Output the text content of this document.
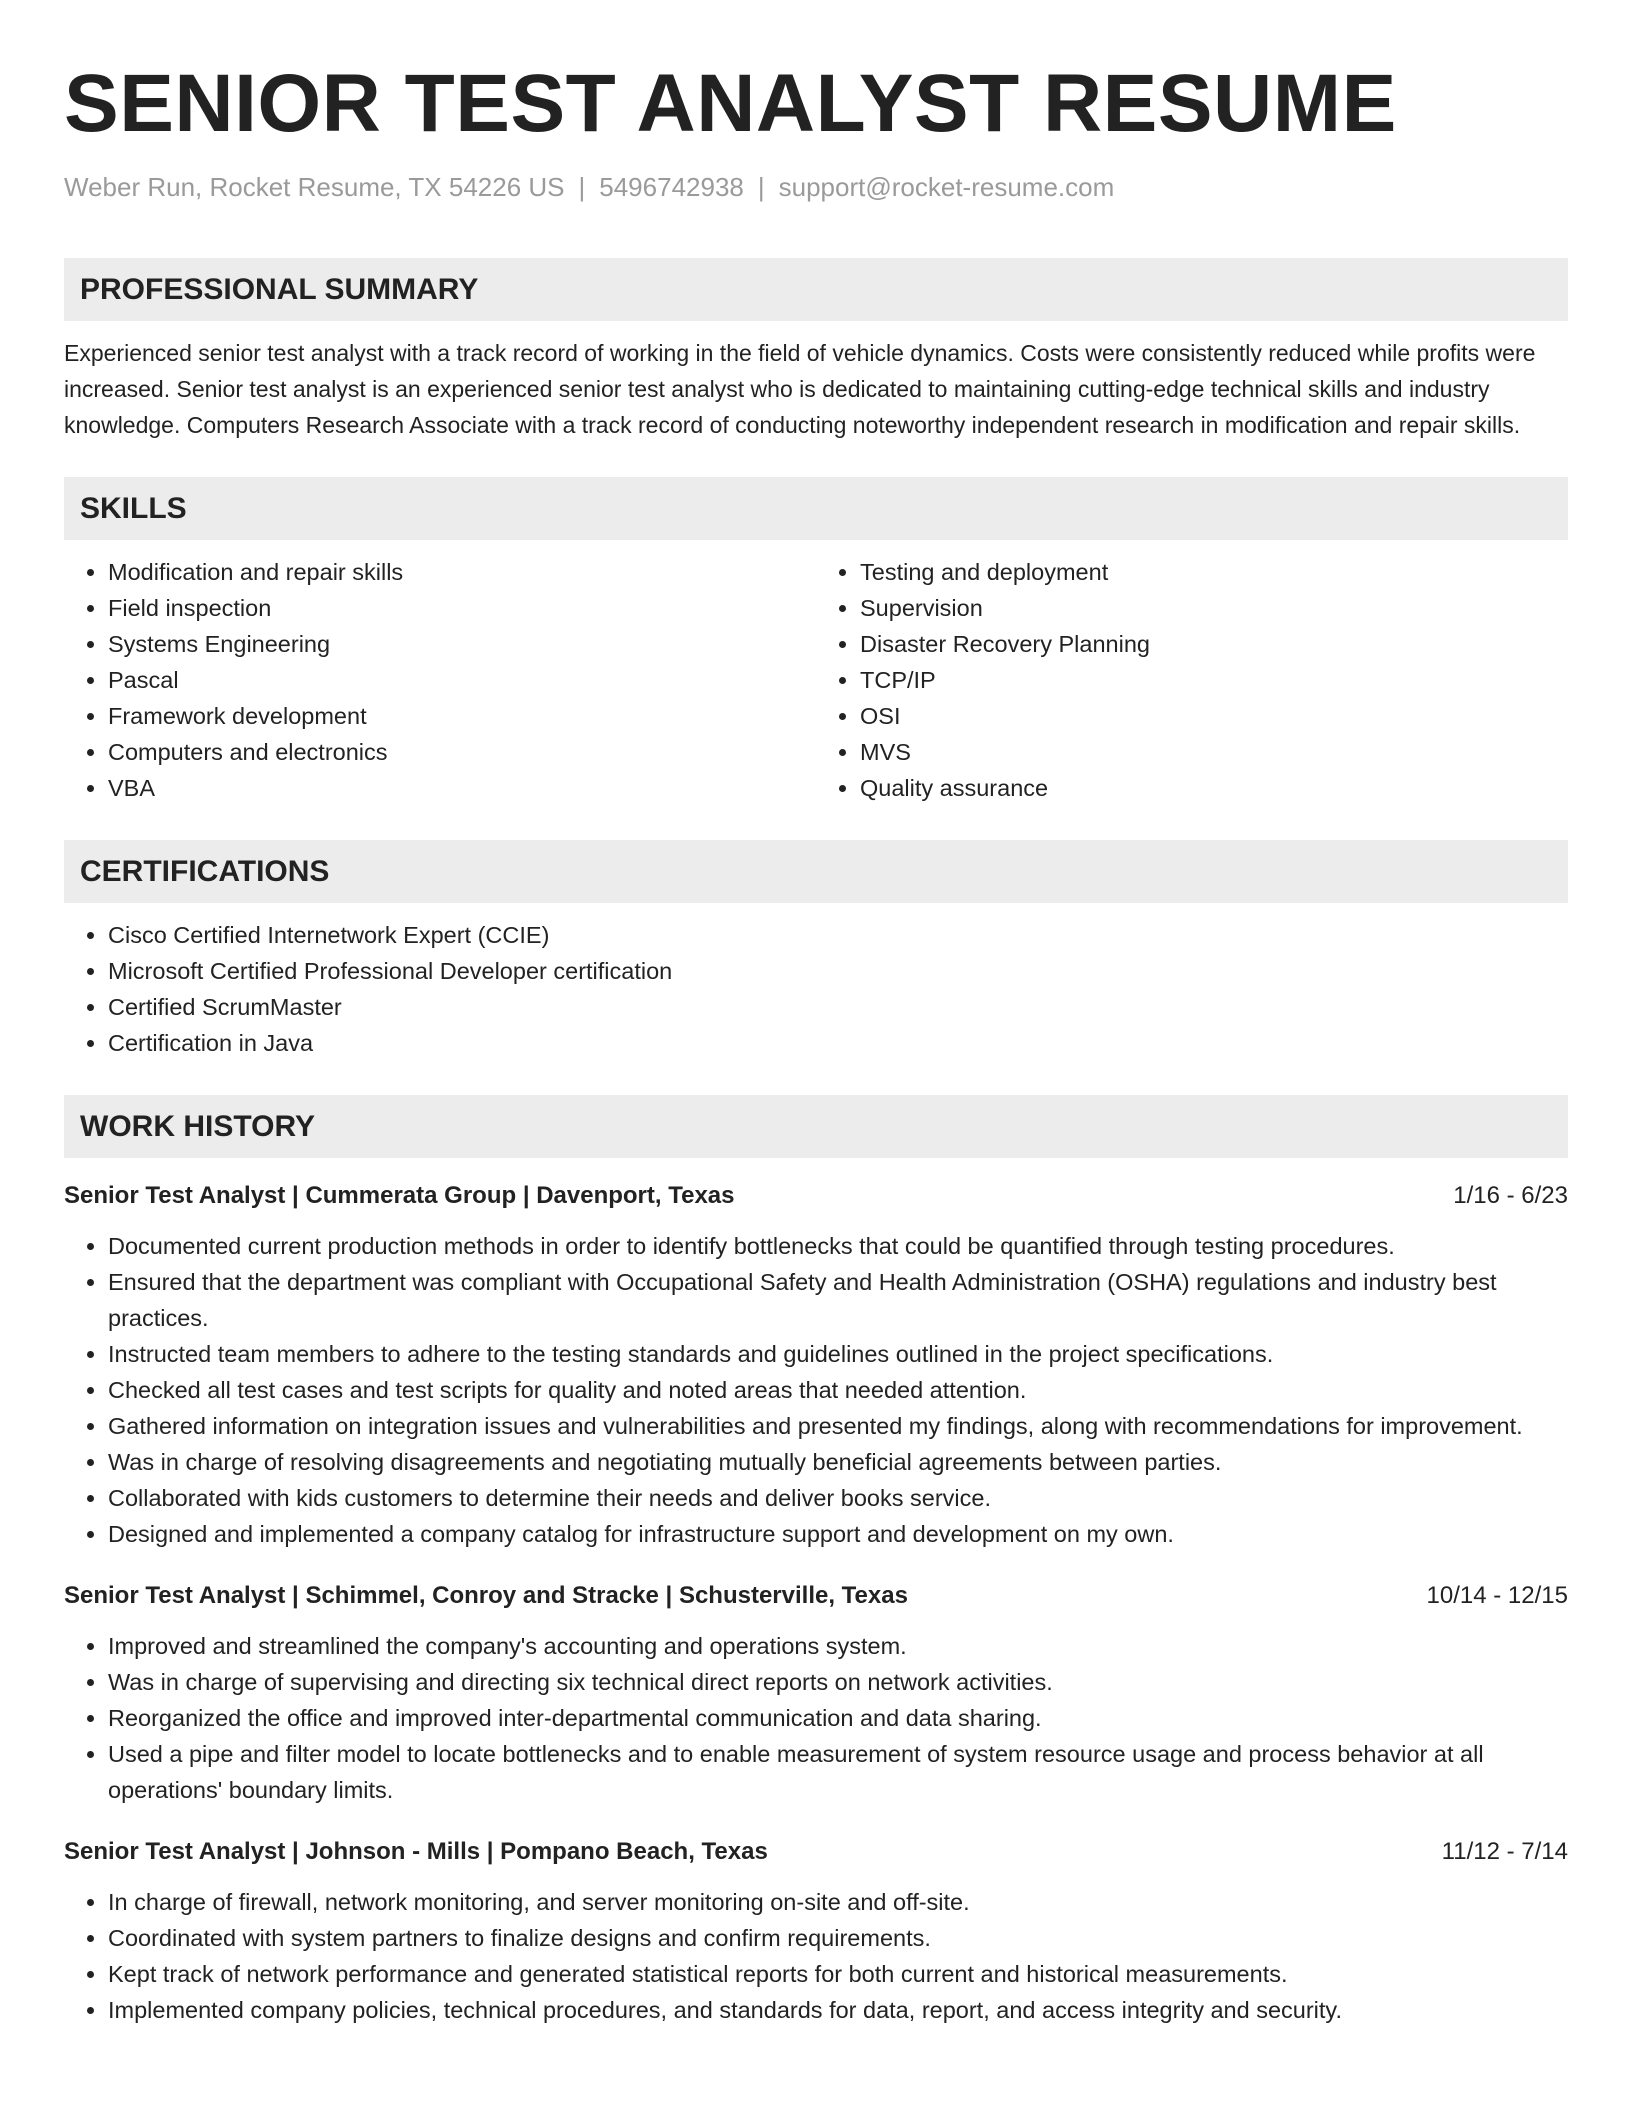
SENIOR TEST ANALYST RESUME
Weber Run, Rocket Resume, TX 54226 US | 5496742938 | support@rocket-resume.com
PROFESSIONAL SUMMARY
Experienced senior test analyst with a track record of working in the field of vehicle dynamics. Costs were consistently reduced while profits were increased. Senior test analyst is an experienced senior test analyst who is dedicated to maintaining cutting-edge technical skills and industry knowledge. Computers Research Associate with a track record of conducting noteworthy independent research in modification and repair skills.
SKILLS
• Modification and repair skills
• Field inspection
• Systems Engineering
• Pascal
• Framework development
• Computers and electronics
• VBA
• Testing and deployment
• Supervision
• Disaster Recovery Planning
• TCP/IP
• OSI
• MVS
• Quality assurance
CERTIFICATIONS
• Cisco Certified Internetwork Expert (CCIE)
• Microsoft Certified Professional Developer certification
• Certified ScrumMaster
• Certification in Java
WORK HISTORY
Senior Test Analyst | Cummerata Group | Davenport, Texas	1/16 - 6/23
• Documented current production methods in order to identify bottlenecks that could be quantified through testing procedures.
• Ensured that the department was compliant with Occupational Safety and Health Administration (OSHA) regulations and industry best practices.
• Instructed team members to adhere to the testing standards and guidelines outlined in the project specifications.
• Checked all test cases and test scripts for quality and noted areas that needed attention.
• Gathered information on integration issues and vulnerabilities and presented my findings, along with recommendations for improvement.
• Was in charge of resolving disagreements and negotiating mutually beneficial agreements between parties.
• Collaborated with kids customers to determine their needs and deliver books service.
• Designed and implemented a company catalog for infrastructure support and development on my own.
Senior Test Analyst | Schimmel, Conroy and Stracke | Schusterville, Texas	10/14 - 12/15
• Improved and streamlined the company's accounting and operations system.
• Was in charge of supervising and directing six technical direct reports on network activities.
• Reorganized the office and improved inter-departmental communication and data sharing.
• Used a pipe and filter model to locate bottlenecks and to enable measurement of system resource usage and process behavior at all operations' boundary limits.
Senior Test Analyst | Johnson - Mills | Pompano Beach, Texas	11/12 - 7/14
• In charge of firewall, network monitoring, and server monitoring on-site and off-site.
• Coordinated with system partners to finalize designs and confirm requirements.
• Kept track of network performance and generated statistical reports for both current and historical measurements.
• Implemented company policies, technical procedures, and standards for data, report, and access integrity and security.
